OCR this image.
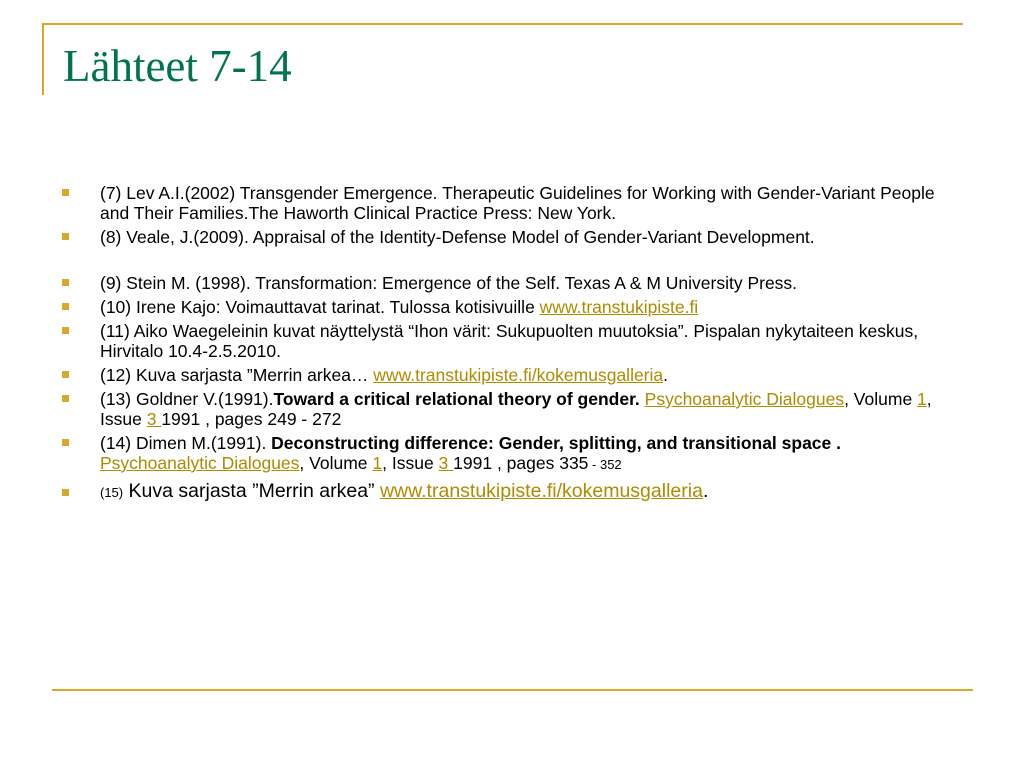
Lähteet 7-14
(7) Lev A.I.(2002) Transgender Emergence. Therapeutic Guidelines for Working with Gender-Variant People and Their Families.The Haworth Clinical Practice Press: New York.
(8) Veale, J.(2009). Appraisal of the Identity-Defense Model of Gender-Variant Development.
(9) Stein M. (1998). Transformation: Emergence of the Self. Texas A & M University Press.
(10) Irene Kajo: Voimauttavat tarinat. Tulossa kotisivuille www.transtukipiste.fi
(11) Aiko Waegeleinin kuvat näyttelystä “Ihon värit: Sukupuolten muutoksia”. Pispalan nykytaiteen keskus, Hirvitalo 10.4-2.5.2010.
(12) Kuva sarjasta ”Merrin arkea… www.transtukipiste.fi/kokemusgalleria.
(13) Goldner V.(1991).Toward a critical relational theory of gender. Psychoanalytic Dialogues, Volume 1, Issue 3 1991 , pages 249 - 272
(14) Dimen M.(1991). Deconstructing difference: Gender, splitting, and transitional space . Psychoanalytic Dialogues, Volume 1, Issue 3 1991 , pages 335 - 352
(15) Kuva sarjasta ”Merrin arkea” www.transtukipiste.fi/kokemusgalleria.
